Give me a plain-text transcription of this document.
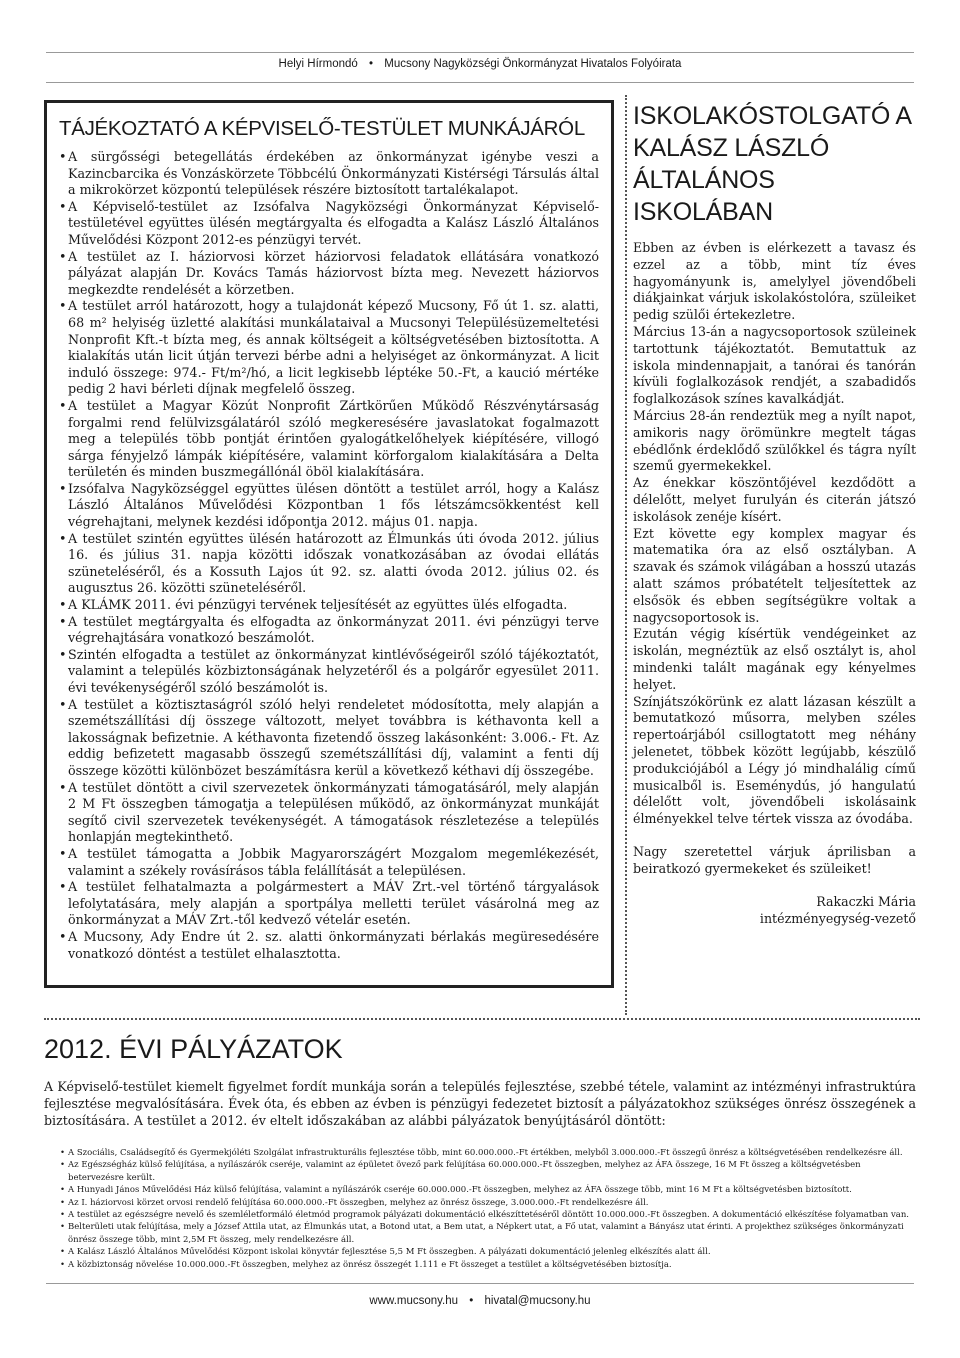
Helyi Hírmondó • Mucsony Nagyközségi Önkormányzat Hivatalos Folyóirata
TÁJÉKOZTATÓ A KÉPVISELŐ-TESTÜLET MUNKÁJÁRÓL
• A sürgősségi betegellátás érdekében az önkormányzat igénybe veszi a Kazincbarcika és Vonzáskörzete Többcélú Önkormányzati Kistérségi Társulás által a mikrokörzet központú települések részére biztosított tartalékalapot.
• A Képviselő-testület az Izsófalva Nagyközségi Önkormányzat Képviselő-testületével együttes ülésén megtárgyalta és elfogadta a Kalász László Általános Művelődési Központ 2012-es pénzügyi tervét.
• A testület az I. háziorvosi körzet háziorvosi feladatok ellátására vonatkozó pályázat alapján Dr. Kovács Tamás háziorvost bízta meg. Nevezett háziorvos megkezdte rendelését a körzetben.
• A testület arról határozott, hogy a tulajdonát képező Mucsony, Fő út 1. sz. alatti, 68 m² helyiség üzletté alakítási munkálataival a Mucsonyi Településüzemeltetési Nonprofit Kft.-t bízta meg, és annak költségeit a költségvetésében biztosította. A kialakítás után licit útján tervezi bérbe adni a helyiséget az önkormányzat. A licit induló összege: 974.- Ft/m²/hó, a licit legkisebb léptéke 50.-Ft, a kaució mértéke pedig 2 havi bérleti díjnak megfelelő összeg.
• A testület a Magyar Közút Nonprofit Zártkörűen Működő Részvénytársaság forgalmi rend felülvizsgálatáról szóló megkeresésére javaslatokat fogalmazott meg a település több pontját érintően gyalogátkelőhelyek kiépítésére, villogó sárga fényjelző lámpák kiépítésére, valamint körforgalom kialakítására a Delta területén és minden buszmegállónál öböl kialakítására.
• Izsófalva Nagyközséggel együttes ülésen döntött a testület arról, hogy a Kalász László Általános Művelődési Központban 1 fős létszámcsökkentést kell végrehajtani, melynek kezdési időpontja 2012. május 01. napja.
• A testület szintén együttes ülésén határozott az Élmunkás úti óvoda 2012. július 16. és július 31. napja közötti időszak vonatkozásában az óvodai ellátás szüneteléséről, és a Kossuth Lajos út 92. sz. alatti óvoda 2012. július 02. és augusztus 26. közötti szüneteléséről.
• A KLÁMK 2011. évi pénzügyi tervének teljesítését az együttes ülés elfogadta.
• A testület megtárgyalta és elfogadta az önkormányzat 2011. évi pénzügyi terve végrehajtására vonatkozó beszámolót.
• Szintén elfogadta a testület az önkormányzat kintlévőségeiről szóló tájékoztatót, valamint a település közbiztonságának helyzetéről és a polgárőr egyesület 2011. évi tevékenységéről szóló beszámolót is.
• A testület a köztisztaságról szóló helyi rendeletet módosította, mely alapján a szemétszállítási díj összege változott, melyet továbbra is kéthavonta kell a lakosságnak befizetnie. A kéthavonta fizetendő összeg lakásonként: 3.006.- Ft. Az eddig befizetett magasabb összegű szemétszállítási díj, valamint a fenti díj összege közötti különbözet beszámításra kerül a következő kéthavi díj összegébe.
• A testület döntött a civil szervezetek önkormányzati támogatásáról, mely alapján 2 M Ft összegben támogatja a településen működő, az önkormányzat munkáját segítő civil szervezetek tevékenységét. A támogatások részletezése a település honlapján megtekinthető.
• A testület támogatta a Jobbik Magyarországért Mozgalom megemlékezését, valamint a székely rovásírásos tábla felállítását a településen.
• A testület felhatalmazta a polgármestert a MÁV Zrt.-vel történő tárgyalások lefolytatására, mely alapján a sportpálya melletti terület vásárolná meg az önkormányzat a MÁV Zrt.-től kedvező vételár esetén.
• A Mucsony, Ady Endre út 2. sz. alatti önkormányzati bérlakás megüresedésére vonatkozó döntést a testület elhalasztotta.
ISKOLAKÓSTOLGATÓ A KALÁSZ LÁSZLÓ ÁLTALÁNOS ISKOLÁBAN

Ebben az évben is elérkezett a tavasz és ezzel az a több, mint tíz éves hagyományunk is, amelylyel jövendőbeli diákjainkat várjuk iskolakóstolóra, szüleiket pedig szülői értekezletre.

Március 13-án a nagycsoportosok szüleinek tartottunk tájékoztatót. Bemutattuk az iskola mindennapjait, a tanórai és tanórán kívüli foglalkozások rendjét, a szabadidős foglalkozások színes kavalkádját.

Március 28-án rendeztük meg a nyílt napot, amikoris nagy örömünkre megtelt tágas ebédlőnk érdeklődő szülőkkel és tágra nyílt szemű gyermekekkel.

Az énekkar köszöntőjével kezdődött a délelőtt, melyet furulyán és citerán játszó iskolások zenéje kísért.

Ezt követte egy komplex magyar és matematika óra az első osztályban. A szavak és számok világában a hosszú utazás alatt számos próbatételt teljesítettek az elsősök és ebben segítségükre voltak a nagycsoportosok is.

Ezután végig kísértük vendégeinket az iskolán, megnéztük az első osztályt is, ahol mindenki talált magának egy kényelmes helyet.

Színjátszókörünk ez alatt lázasan készült a bemutatkozó műsorra, melyben széles repertoárjából csillogtatott meg néhány jelenetet, többek között legújabb, készülő produkciójából a Légy jó mindhalálig című musicalből is. Eseménydús, jó hangulatú délelőtt volt, jövendőbeli iskolásaink élményekkel telve tértek vissza az óvodába.

Nagy szeretettel várjuk áprilisban a beiratkozó gyermekeket és szüleiket!

Rakaczki Mária
intézményegység-vezető
2012. ÉVI PÁLYÁZATOK

A Képviselő-testület kiemelt figyelmet fordít munkája során a település fejlesztése, szebbé tétele, valamint az intézményi infrastruktúra fejlesztése megvalósítására. Évek óta, és ebben az évben is pénzügyi fedezetet biztosít a pályázatokhoz szükséges önrész összegének a biztosítására. A testület a 2012. év eltelt időszakában az alábbi pályázatok benyújtásáról döntött:

• A Szociális, Családsegítő és Gyermekjóléti Szolgálat infrastrukturális fejlesztése több, mint 60.000.000.-Ft értékben, melyből 3.000.000.-Ft összegű önrész a költségvetésében rendelkezésre áll.
• Az Egészségház külső felújítása, a nyílászárók cseréje, valamint az épületet övező park felújítása 60.000.000.-Ft összegben, melyhez az ÁFA összege, 16 M Ft összeg a költségvetésben betervezésre került.
• A Hunyadi János Művelődési Ház külső felújítása, valamint a nyílászárók cseréje 60.000.000.-Ft összegben, melyhez az ÁFA összege több, mint 16 M Ft a költségvetésben biztosított.
• Az I. háziorvosi körzet orvosi rendelő felújítása 60.000.000.-Ft összegben, melyhez az önrész összege, 3.000.000.-Ft rendelkezésre áll.
• A testület az egészségre nevelő és szemléletformáló életmód programok pályázati dokumentáció elkészíttetéséről döntött 10.000.000.-Ft összegben. A dokumentáció elkészítése folyamatban van.
• Belterületi utak felújítása, mely a József Attila utat, az Élmunkás utat, a Botond utat, a Bem utat, a Népkert utat, a Fő utat, valamint a Bányász utat érinti. A projekthez szükséges önkormányzati önrész összege több, mint 2,5M Ft összeg, mely rendelkezésre áll.
• A Kalász László Általános Művelődési Központ iskolai könyvtár fejlesztése 5,5 M Ft összegben. A pályázati dokumentáció jelenleg elkészítés alatt áll.
• A közbiztonság növelése 10.000.000.-Ft összegben, melyhez az önrész összegét 1.111 e Ft összeget a testület a költségvetésében biztosítja.
www.mucsony.hu • hivatal@mucsony.hu
